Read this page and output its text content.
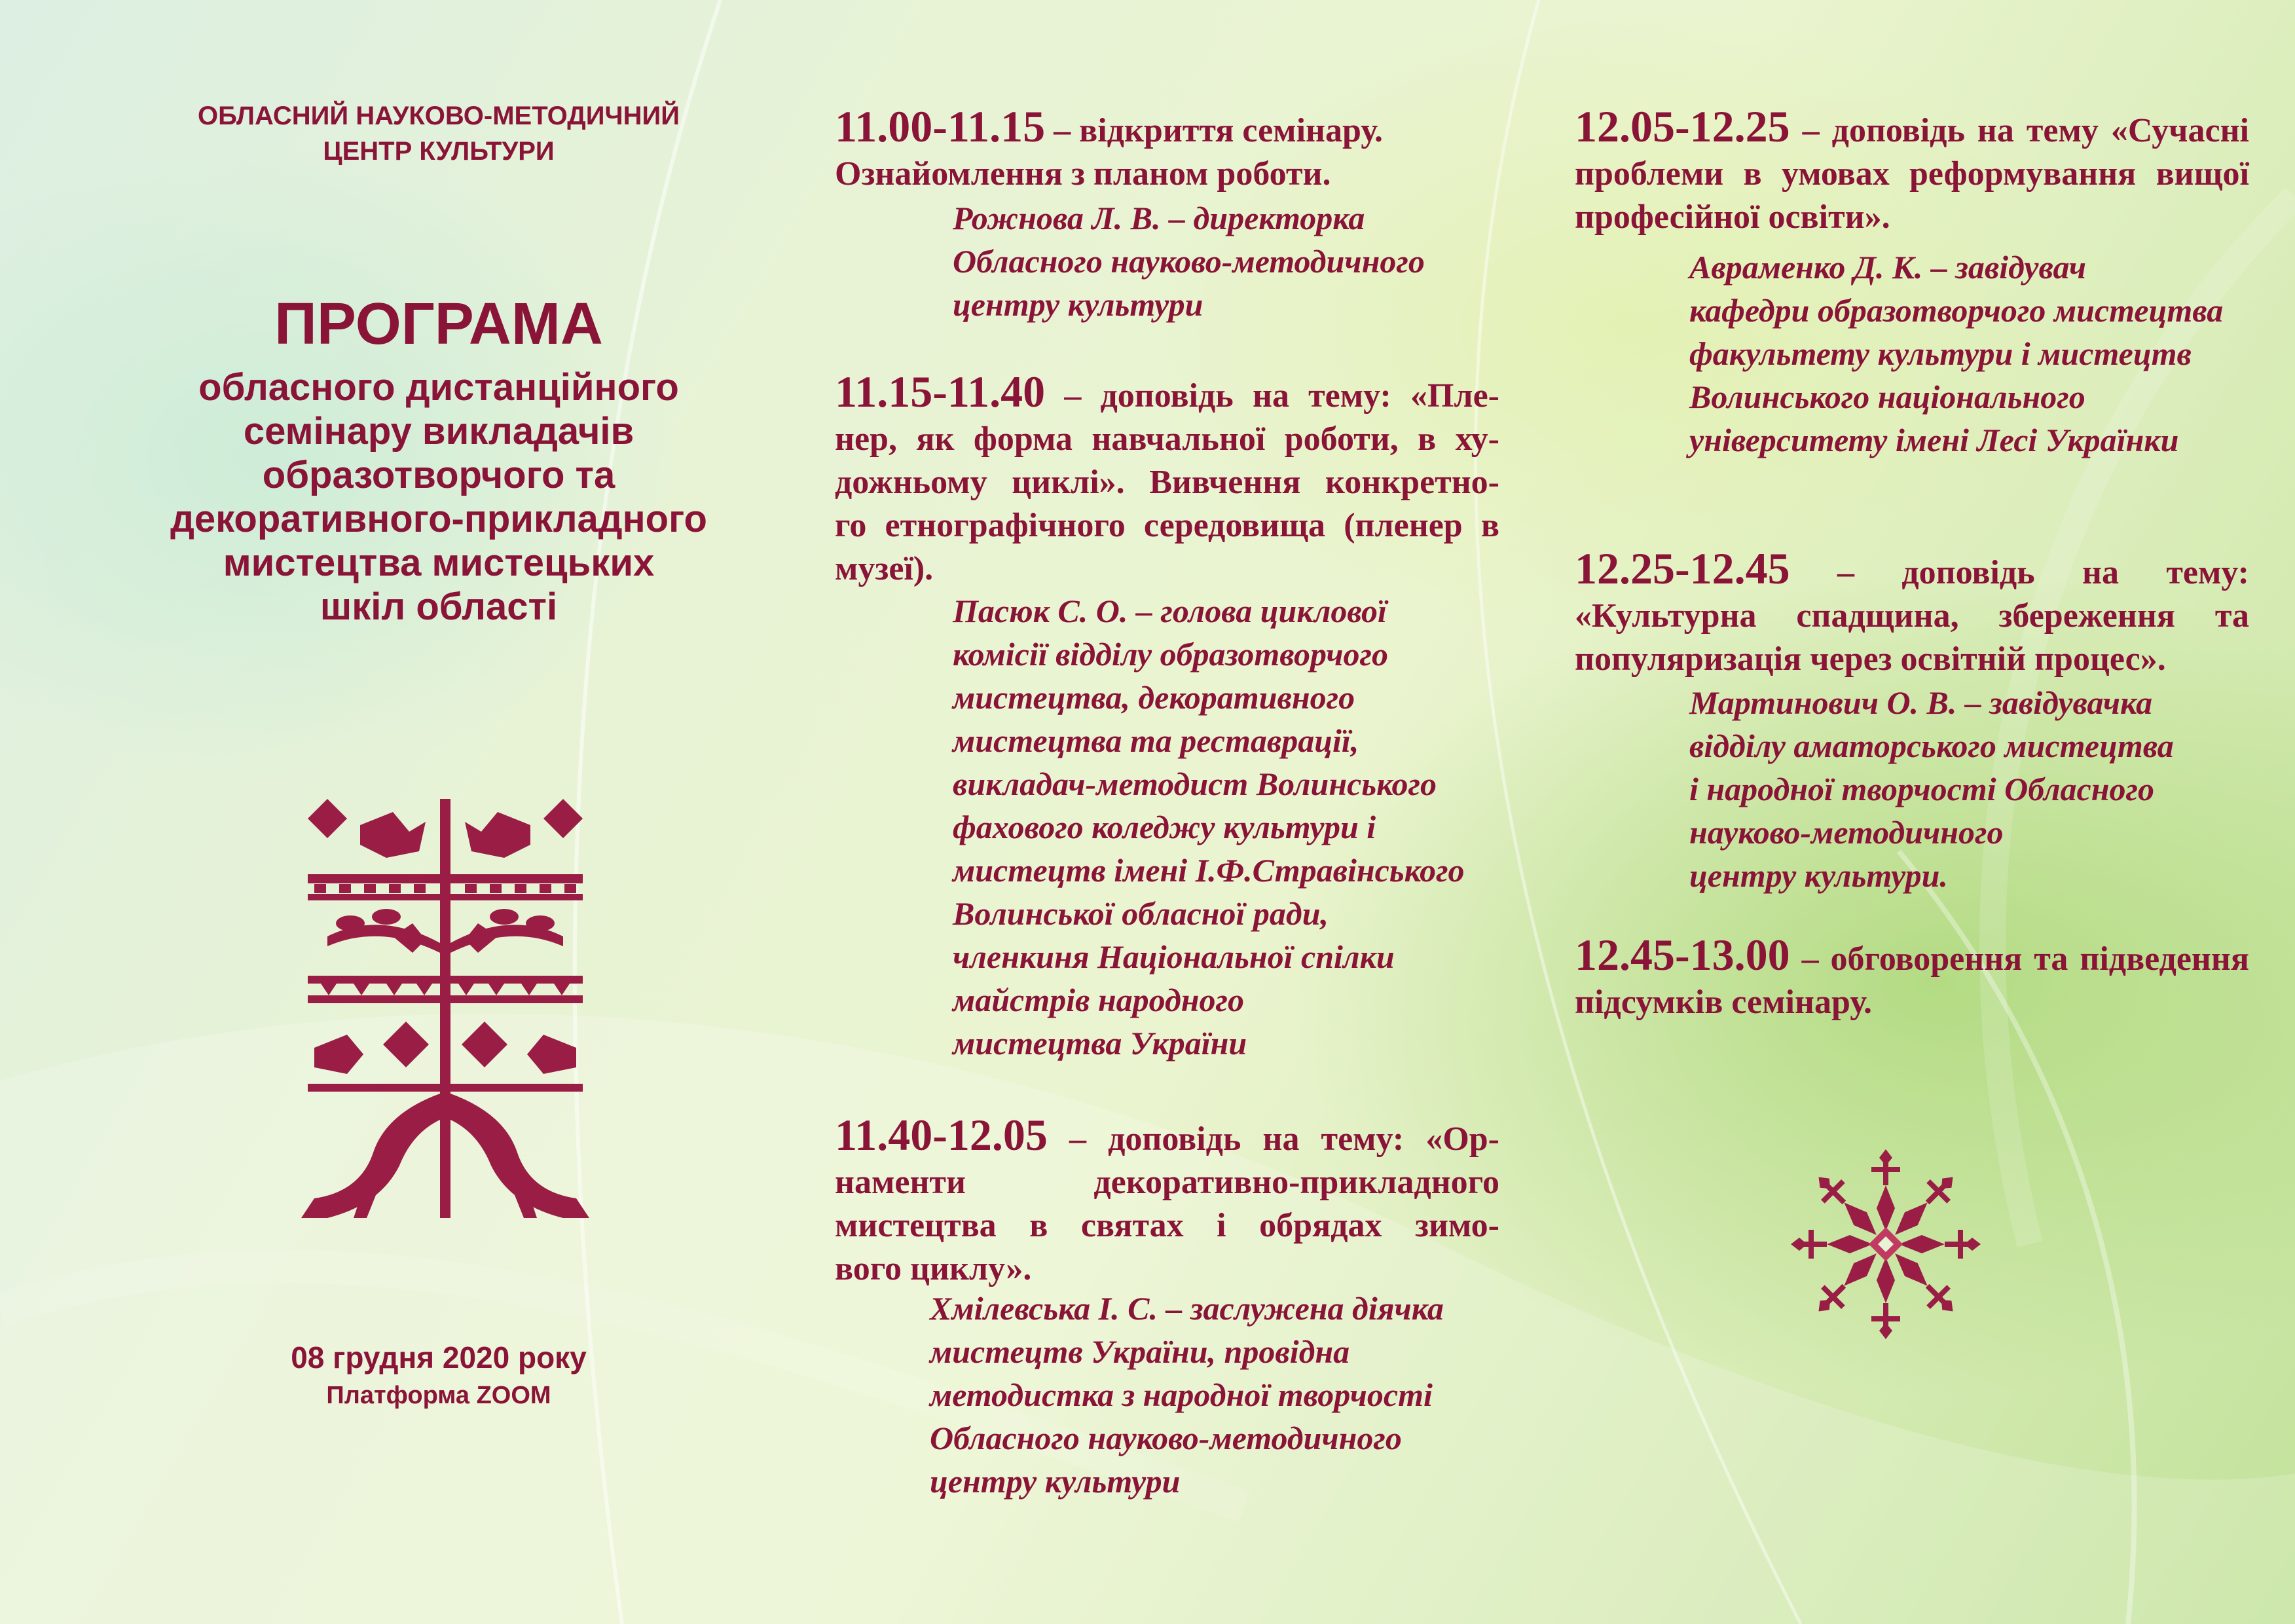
ОБЛАСНИЙ НАУКОВО-МЕТОДИЧНИЙ
ЦЕНТР КУЛЬТУРИ
ПРОГРАМА
обласного дистанційного
семінару викладачів
образотворчого та
декоративного-прикладного
мистецтва мистецьких
шкіл області
08 грудня 2020 року
Платформа ZOOM
11.00-11.15 – відкриття семінару.
Ознайомлення з планом роботи.
Рожнова Л. В. – директорка
Обласного науково-методичного
центру культури
11.15-11.40 – доповідь на тему: «Пле-
нер, як форма навчальної роботи, в ху-
дожньому циклі». Вивчення конкретно-
го етнографічного середовища (пленер в
музеї).
Пасюк С. О. – голова циклової
комісії відділу образотворчого
мистецтва, декоративного
мистецтва та реставрації,
викладач-методист Волинського
фахового коледжу культури і
мистецтв імені І.Ф.Стравінського
Волинської обласної ради,
членкиня Національної спілки
майстрів народного
мистецтва України
11.40-12.05 – доповідь на тему: «Ор-
наменти декоративно-прикладного
мистецтва в святах і обрядах зимо-
вого циклу».
Хмілевська І. С. – заслужена діячка
мистецтв України, провідна
методистка з народної творчості
Обласного науково-методичного
центру культури
12.05-12.25 – доповідь на тему «Сучасні
проблеми в умовах реформування вищої
професійної освіти».
Авраменко Д. К. – завідувач
кафедри образотворчого мистецтва
факультету культури і мистецтв
Волинського національного
університету імені Лесі Українки
12.25-12.45 – доповідь на тему:
«Культурна спадщина, збереження та
популяризація через освітній процес».
Мартинович О. В. – завідувачка
відділу аматорського мистецтва
і народної творчості Обласного
науково-методичного
центру культури.
12.45-13.00 – обговорення та підведення
підсумків семінару.
